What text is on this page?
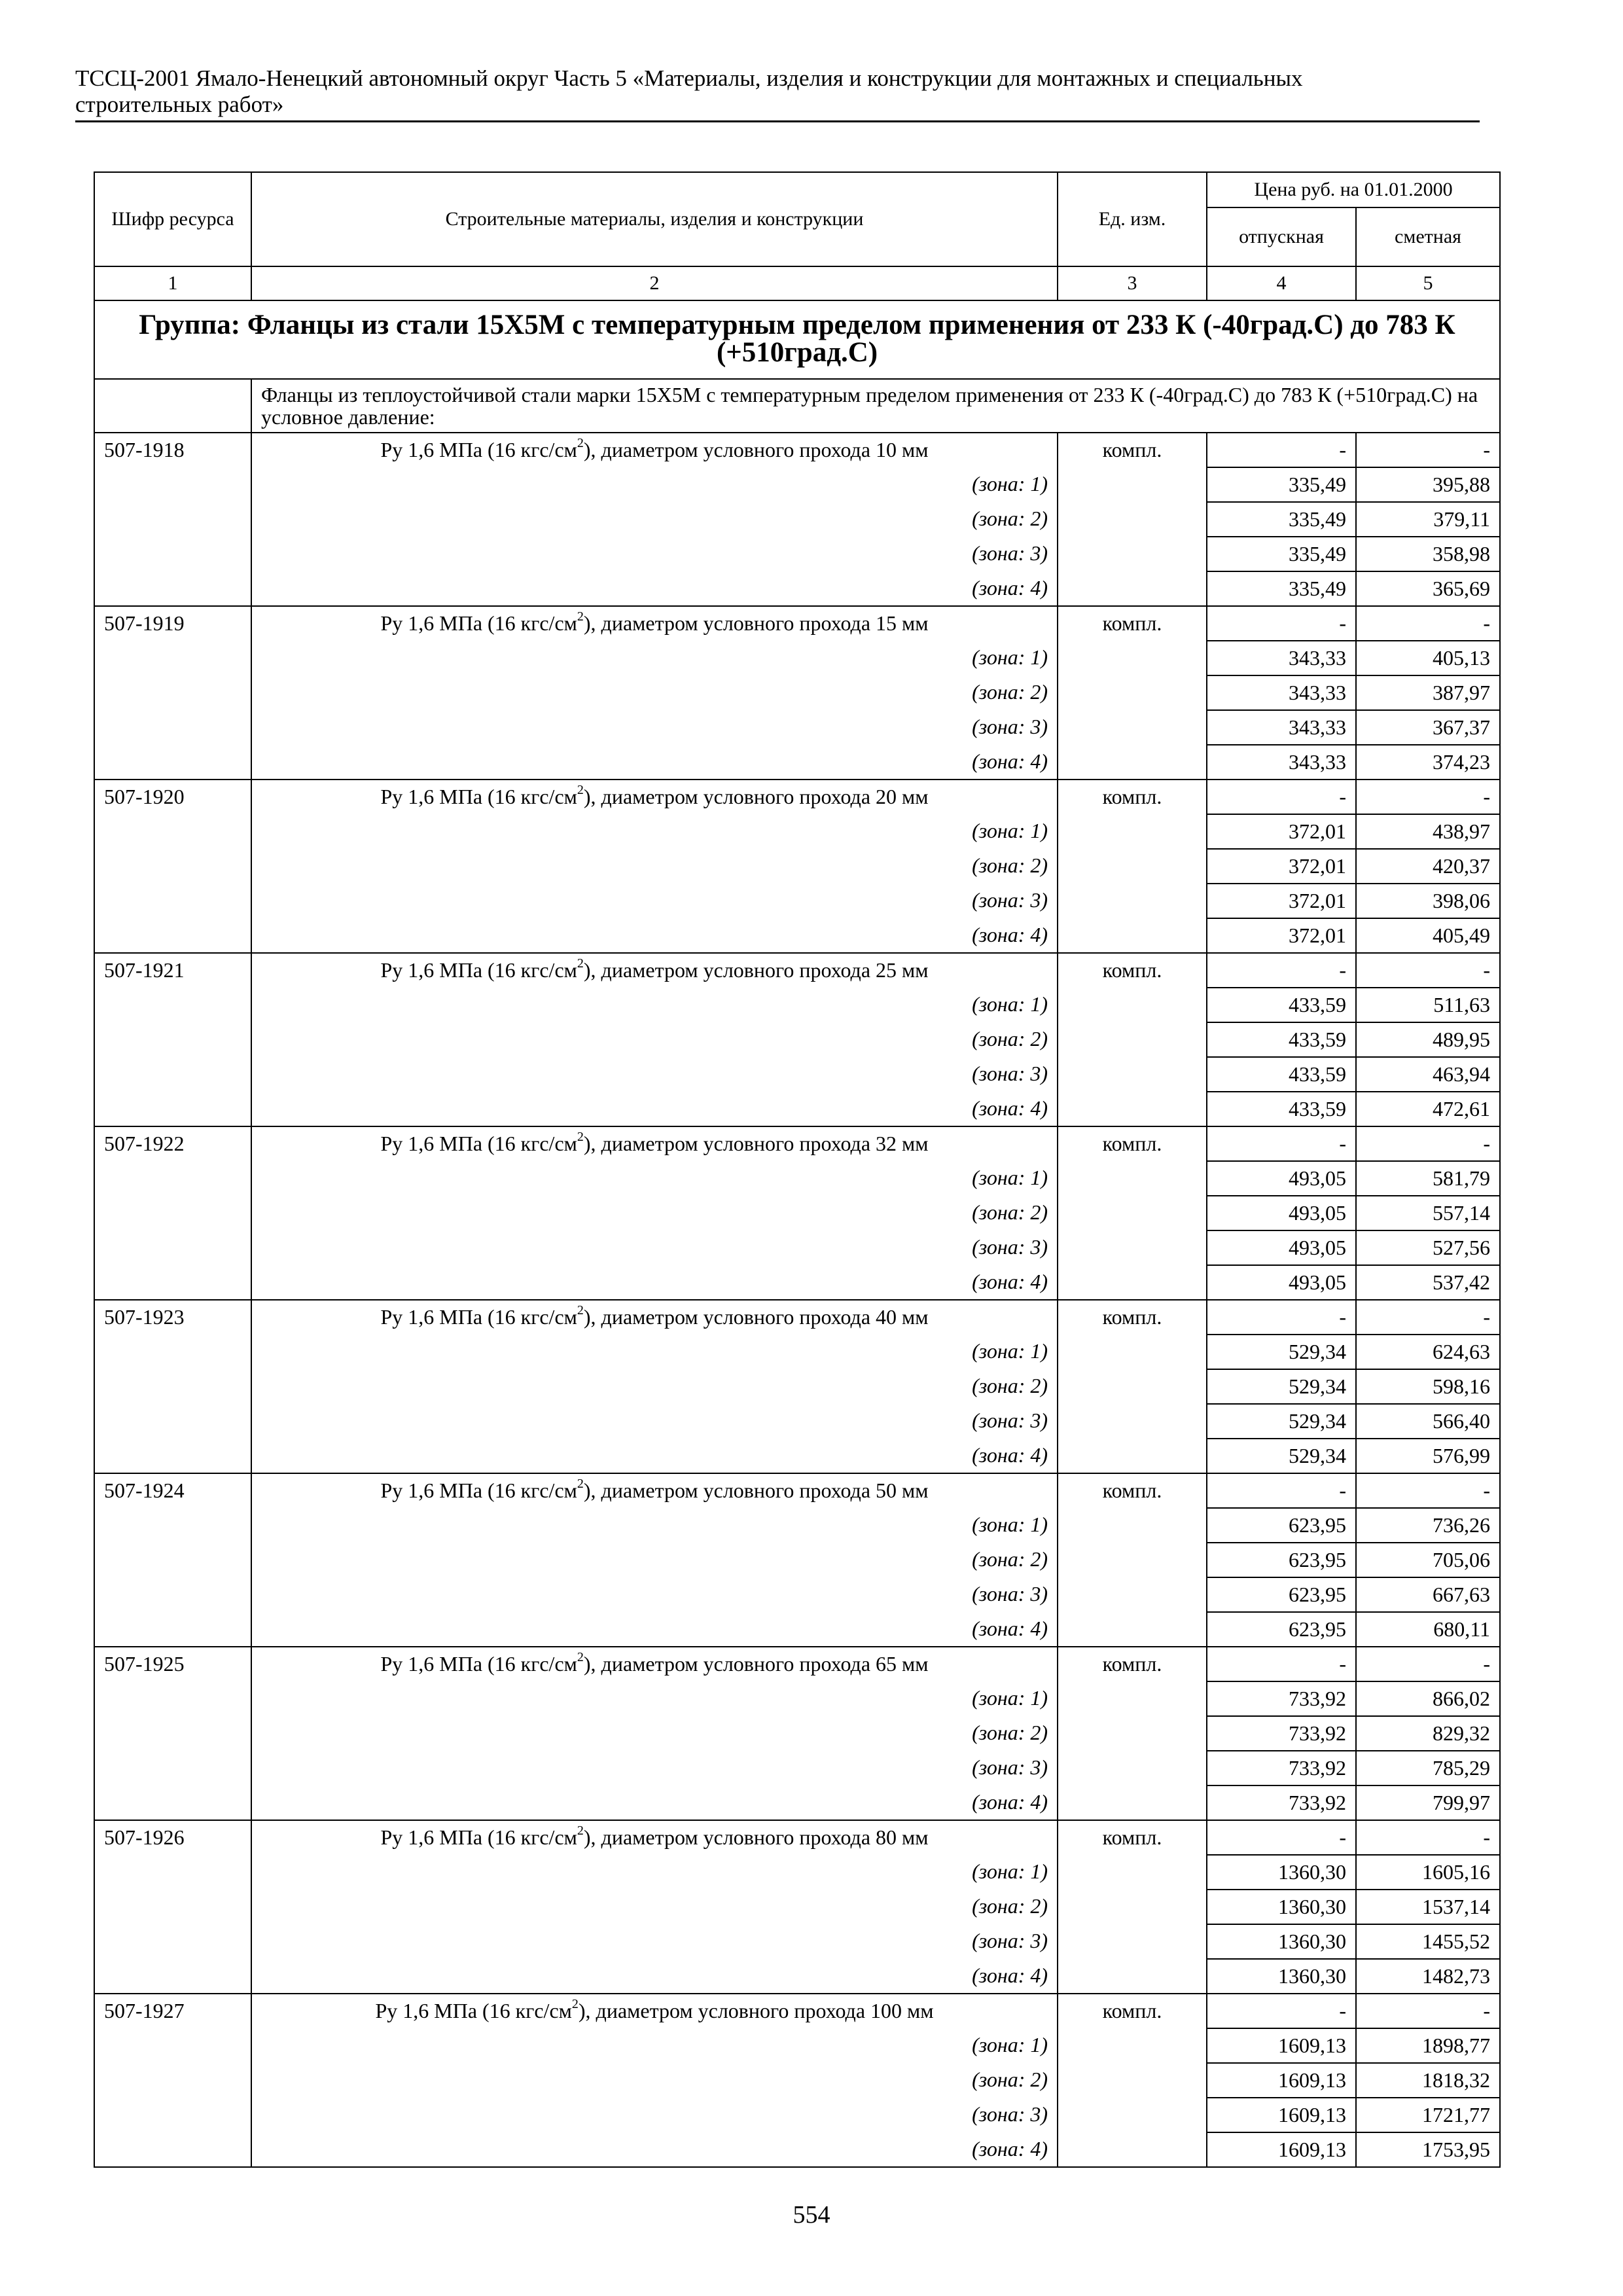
ТССЦ-2001 Ямало-Ненецкий автономный округ Часть 5 «Материалы, изделия и конструкции для монтажных и специальных
строительных работ»
Шифр ресурса	Строительные материалы, изделия и конструкции	Ед. изм.	Цена руб. на 01.01.2000	
			отпускная	сметная
1	2	3	4	5
Группа: Фланцы из стали 15Х5М с температурным пределом применения от 233 К (-40град.С) до 783 К (+510град.С)				
	Фланцы из теплоустойчивой стали марки 15Х5М с температурным пределом применения от 233 К (-40град.С) до 783 К (+510град.С) на условное давление:			
507-1918	Ру 1,6 МПа (16 кгс/$см^2$), диаметром условного прохода 10 мм	компл.	-	-
	(зона: 1)		335,49	395,88
	(зона: 2)		335,49	379,11
	(зона: 3)		335,49	358,98
	(зона: 4)		335,49	365,69
507-1919	Ру 1,6 МПа (16 кгс/$см^2$), диаметром условного прохода 15 мм	компл.	-	-
	(зона: 1)		343,33	405,13
	(зона: 2)		343,33	387,97
	(зона: 3)		343,33	367,37
	(зона: 4)		343,33	374,23
507-1920	Ру 1,6 МПа (16 кгс/$см^2$), диаметром условного прохода 20 мм	компл.	-	-
	(зона: 1)		372,01	438,97
	(зона: 2)		372,01	420,37
	(зона: 3)		372,01	398,06
	(зона: 4)		372,01	405,49
507-1921	Ру 1,6 МПа (16 кгс/$см^2$), диаметром условного прохода 25 мм	компл.	-	-
	(зона: 1)		433,59	511,63
	(зона: 2)		433,59	489,95
	(зона: 3)		433,59	463,94
	(зона: 4)		433,59	472,61
507-1922	Ру 1,6 МПа (16 кгс/$см^2$), диаметром условного прохода 32 мм	компл.	-	-
	(зона: 1)		493,05	581,79
	(зона: 2)		493,05	557,14
	(зона: 3)		493,05	527,56
	(зона: 4)		493,05	537,42
507-1923	Ру 1,6 МПа (16 кгс/$см^2$), диаметром условного прохода 40 мм	компл.	-	-
	(зона: 1)		529,34	624,63
	(зона: 2)		529,34	598,16
	(зона: 3)		529,34	566,40
	(зона: 4)		529,34	576,99
507-1924	Ру 1,6 МПа (16 кгс/$см^2$), диаметром условного прохода 50 мм	компл.	-	-
	(зона: 1)		623,95	736,26
	(зона: 2)		623,95	705,06
	(зона: 3)		623,95	667,63
	(зона: 4)		623,95	680,11
507-1925	Ру 1,6 МПа (16 кгс/$см^2$), диаметром условного прохода 65 мм	компл.	-	-
	(зона: 1)		733,92	866,02
	(зона: 2)		733,92	829,32
	(зона: 3)		733,92	785,29
	(зона: 4)		733,92	799,97
507-1926	Ру 1,6 МПа (16 кгс/$см^2$), диаметром условного прохода 80 мм	компл.	-	-
	(зона: 1)		1360,30	1605,16
	(зона: 2)		1360,30	1537,14
	(зона: 3)		1360,30	1455,52
	(зона: 4)		1360,30	1482,73
507-1927	Ру 1,6 МПа (16 кгс/$см^2$), диаметром условного прохода 100 мм	компл.	-	-
	(зона: 1)		1609,13	1898,77
	(зона: 2)		1609,13	1818,32
	(зона: 3)		1609,13	1721,77
	(зона: 4)		1609,13	1753,95
554
